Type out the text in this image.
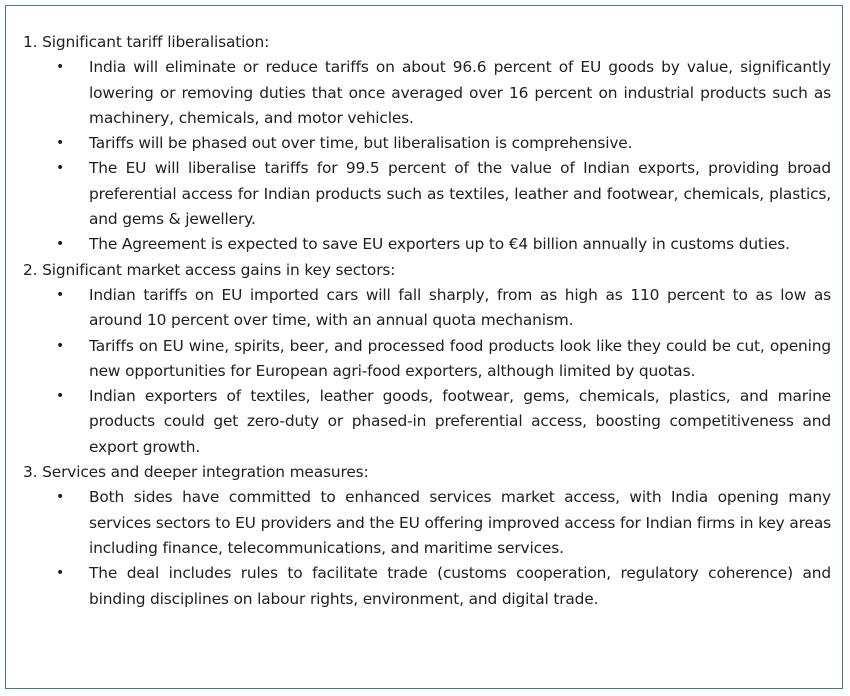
1. Significant tariff liberalisation:

• India will eliminate or reduce tariffs on about 96.6 percent of EU goods by value, significantly lowering or removing duties that once averaged over 16 percent on industrial products such as machinery, chemicals, and motor vehicles.
• Tariffs will be phased out over time, but liberalisation is comprehensive.
• The EU will liberalise tariffs for 99.5 percent of the value of Indian exports, providing broad preferential access for Indian products such as textiles, leather and footwear, chemicals, plastics, and gems & jewellery.
• The Agreement is expected to save EU exporters up to €4 billion annually in customs duties.

2. Significant market access gains in key sectors:

• Indian tariffs on EU imported cars will fall sharply, from as high as 110 percent to as low as around 10 percent over time, with an annual quota mechanism.
• Tariffs on EU wine, spirits, beer, and processed food products look like they could be cut, opening new opportunities for European agri-food exporters, although limited by quotas.
• Indian exporters of textiles, leather goods, footwear, gems, chemicals, plastics, and marine products could get zero-duty or phased-in preferential access, boosting competitiveness and export growth.

3. Services and deeper integration measures:

• Both sides have committed to enhanced services market access, with India opening many services sectors to EU providers and the EU offering improved access for Indian firms in key areas including finance, telecommunications, and maritime services.
• The deal includes rules to facilitate trade (customs cooperation, regulatory coherence) and binding disciplines on labour rights, environment, and digital trade.
